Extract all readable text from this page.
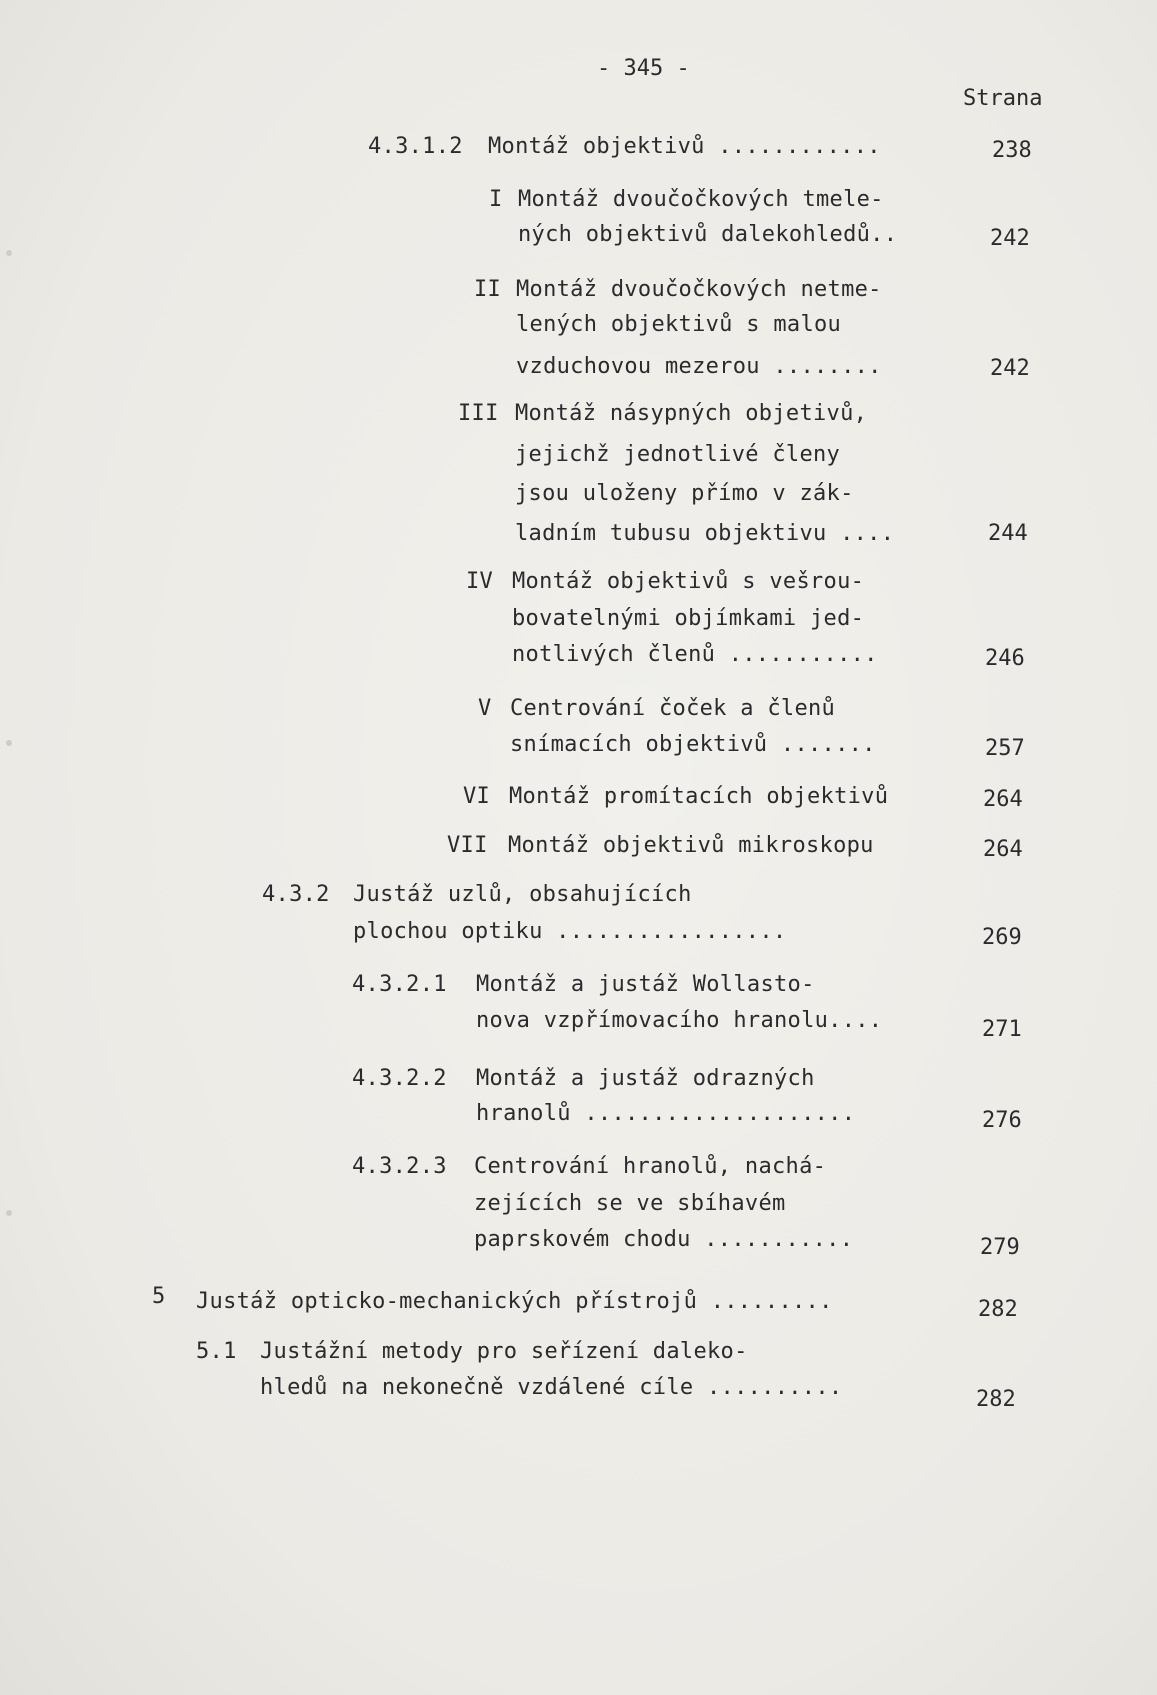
- 345 -
Strana
4.3.1.2 Montáž objektivů ............	238
I Montáž dvoučočkových tmele-
ných objektivů dalekohledů..	242
II Montáž dvoučočkových netme-
lených objektivů s malou
vzduchovou mezerou ........	242
III Montáž násypných objetivů,
jejichž jednotlivé členy
jsou uloženy přímo v zák-
ladním tubusu objektivu ....	244
IV Montáž objektivů s vešrou-
bovatelnými objímkami jed-
notlivých členů ...........	246
V Centrování čoček a členů
snímacích objektivů .......	257
VI Montáž promítacích objektivů	264
VII Montáž objektivů mikroskopu	264
4.3.2 Justáž uzlů, obsahujících
plochou optiku .................	269
4.3.2.1 Montáž a justáž Wollasto-
nova vzpřímovacího hranolu....	271
4.3.2.2 Montáž a justáž odrazných
hranolů ....................	276
4.3.2.3 Centrování hranolů, nachá-
zejících se ve sbíhavém
paprskovém chodu ...........	279
5 Justáž opticko-mechanických přístrojů .........	282
5.1 Justážní metody pro seřízení daleko-
hledů na nekonečně vzdálené cíle ..........	282
